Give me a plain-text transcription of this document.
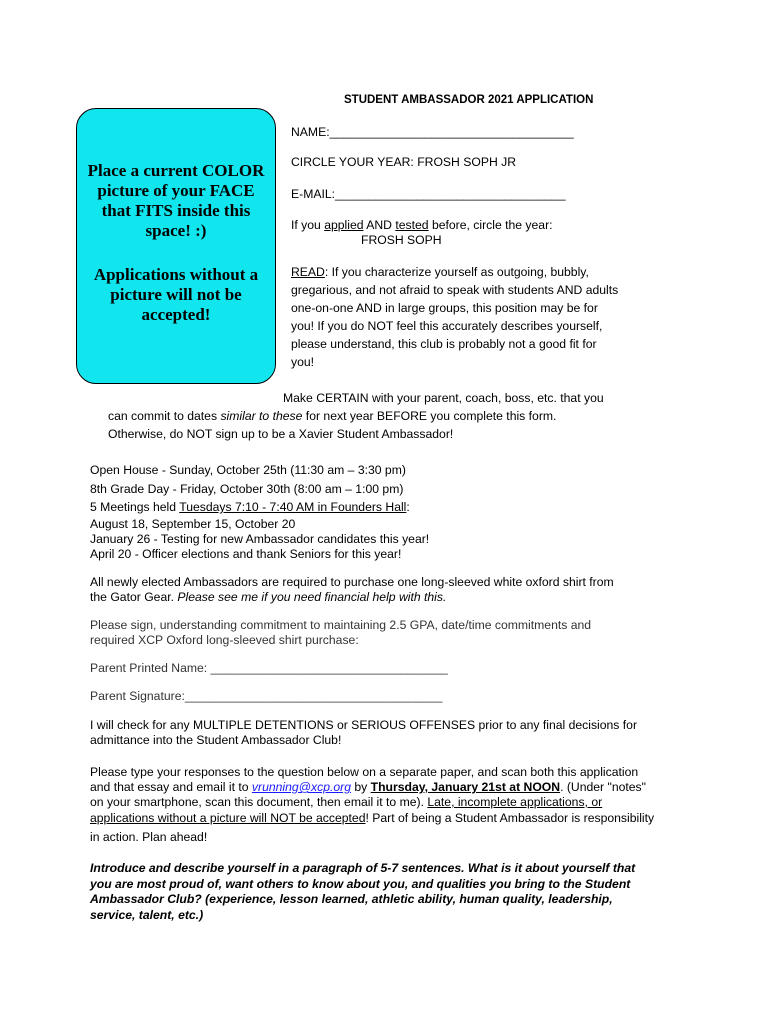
STUDENT AMBASSADOR 2021 APPLICATION
Place a current COLOR picture of your FACE that FITS inside this space! :)
Applications without a picture will not be accepted!
NAME:____________________________________
CIRCLE YOUR YEAR: FROSH SOPH JR
E-MAIL:__________________________________
If you applied AND tested before, circle the year:
FROSH SOPH
READ: If you characterize yourself as outgoing, bubbly,
gregarious, and not afraid to speak with students AND adults
one-on-one AND in large groups, this position may be for
you! If you do NOT feel this accurately describes yourself,
please understand, this club is probably not a good fit for
you!
Make CERTAIN with your parent, coach, boss, etc. that you
can commit to dates similar to these for next year BEFORE you complete this form.
Otherwise, do NOT sign up to be a Xavier Student Ambassador!
Open House - Sunday, October 25th (11:30 am – 3:30 pm)
8th Grade Day - Friday, October 30th (8:00 am – 1:00 pm)
5 Meetings held Tuesdays 7:10 - 7:40 AM in Founders Hall:
August 18, September 15, October 20
January 26 - Testing for new Ambassador candidates this year!
April 20 - Officer elections and thank Seniors for this year!
All newly elected Ambassadors are required to purchase one long-sleeved white oxford shirt from
the Gator Gear. Please see me if you need financial help with this.
Please sign, understanding commitment to maintaining 2.5 GPA, date/time commitments and
required XCP Oxford long-sleeved shirt purchase:
Parent Printed Name: ___________________________________
Parent Signature:______________________________________
I will check for any MULTIPLE DETENTIONS or SERIOUS OFFENSES prior to any final decisions for
admittance into the Student Ambassador Club!
Please type your responses to the question below on a separate paper, and scan both this application
and that essay and email it to vrunning@xcp.org by Thursday, January 21st at NOON. (Under "notes"
on your smartphone, scan this document, then email it to me). Late, incomplete applications, or
applications without a picture will NOT be accepted! Part of being a Student Ambassador is responsibility
in action. Plan ahead!
Introduce and describe yourself in a paragraph of 5-7 sentences. What is it about yourself that
you are most proud of, want others to know about you, and qualities you bring to the Student
Ambassador Club? (experience, lesson learned, athletic ability, human quality, leadership,
service, talent, etc.)
